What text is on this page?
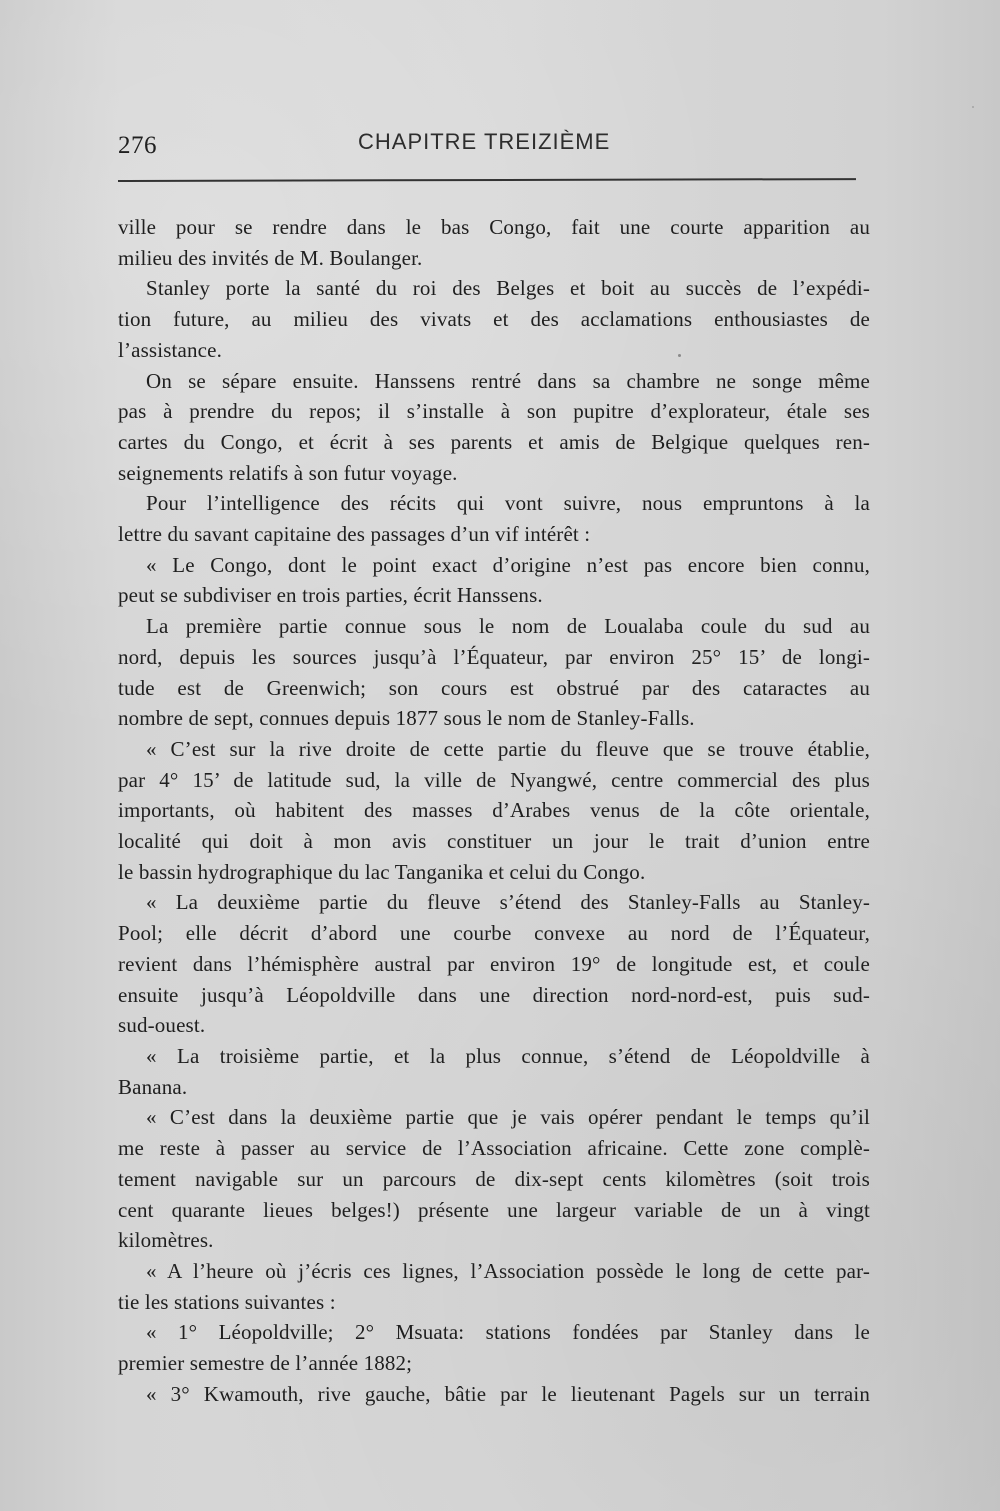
276	CHAPITRE TREIZIÈME
ville pour se rendre dans le bas Congo, fait une courte apparition au
milieu des invités de M. Boulanger.
Stanley porte la santé du roi des Belges et boit au succès de l’expédi-
tion future, au milieu des vivats et des acclamations enthousiastes de
l’assistance.
On se sépare ensuite. Hanssens rentré dans sa chambre ne songe même
pas à prendre du repos; il s’installe à son pupitre d’explorateur, étale ses
cartes du Congo, et écrit à ses parents et amis de Belgique quelques ren-
seignements relatifs à son futur voyage.
Pour l’intelligence des récits qui vont suivre, nous empruntons à la
lettre du savant capitaine des passages d’un vif intérêt :
« Le Congo, dont le point exact d’origine n’est pas encore bien connu,
peut se subdiviser en trois parties, écrit Hanssens.
La première partie connue sous le nom de Loualaba coule du sud au
nord, depuis les sources jusqu’à l’Équateur, par environ 25° 15’ de longi-
tude est de Greenwich; son cours est obstrué par des cataractes au
nombre de sept, connues depuis 1877 sous le nom de Stanley-Falls.
« C’est sur la rive droite de cette partie du fleuve que se trouve établie,
par 4° 15’ de latitude sud, la ville de Nyangwé, centre commercial des plus
importants, où habitent des masses d’Arabes venus de la côte orientale,
localité qui doit à mon avis constituer un jour le trait d’union entre
le bassin hydrographique du lac Tanganika et celui du Congo.
« La deuxième partie du fleuve s’étend des Stanley-Falls au Stanley-
Pool; elle décrit d’abord une courbe convexe au nord de l’Équateur,
revient dans l’hémisphère austral par environ 19° de longitude est, et coule
ensuite jusqu’à Léopoldville dans une direction nord-nord-est, puis sud-
sud-ouest.
« La troisième partie, et la plus connue, s’étend de Léopoldville à
Banana.
« C’est dans la deuxième partie que je vais opérer pendant le temps qu’il
me reste à passer au service de l’Association africaine. Cette zone complè-
tement navigable sur un parcours de dix-sept cents kilomètres (soit trois
cent quarante lieues belges!) présente une largeur variable de un à vingt
kilomètres.
« A l’heure où j’écris ces lignes, l’Association possède le long de cette par-
tie les stations suivantes :
« 1° Léopoldville; 2° Msuata: stations fondées par Stanley dans le
premier semestre de l’année 1882;
« 3° Kwamouth, rive gauche, bâtie par le lieutenant Pagels sur un terrain
